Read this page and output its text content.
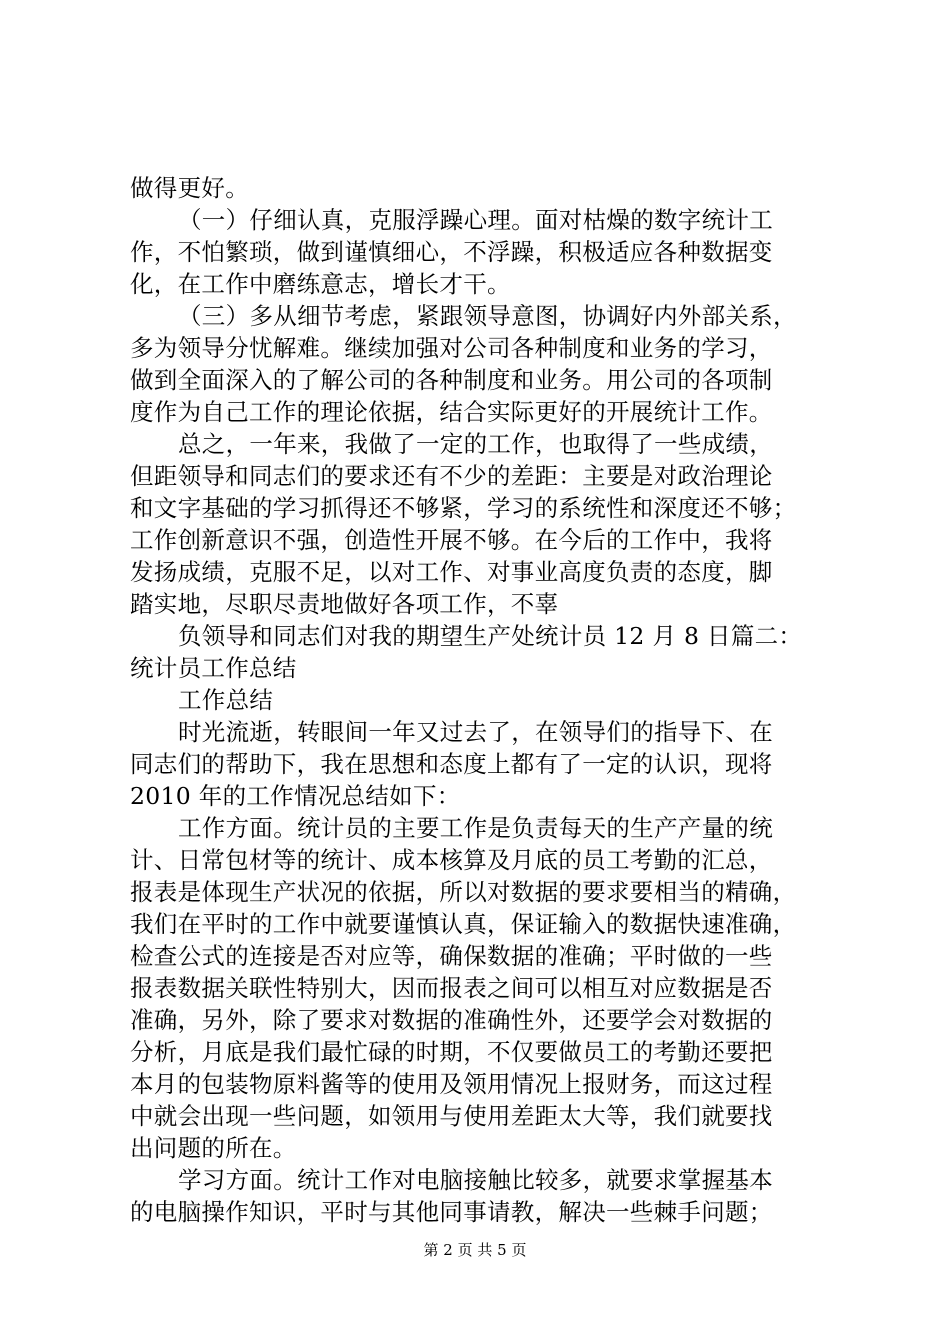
做得更好。
（一）仔细认真，克服浮躁心理。面对枯燥的数字统计工
作，不怕繁琐，做到谨慎细心，不浮躁，积极适应各种数据变
化，在工作中磨练意志，增长才干。
（三）多从细节考虑，紧跟领导意图，协调好内外部关系，
多为领导分忧解难。继续加强对公司各种制度和业务的学习，
做到全面深入的了解公司的各种制度和业务。用公司的各项制
度作为自己工作的理论依据，结合实际更好的开展统计工作。
总之，一年来，我做了一定的工作，也取得了一些成绩，
但距领导和同志们的要求还有不少的差距：主要是对政治理论
和文字基础的学习抓得还不够紧，学习的系统性和深度还不够；
工作创新意识不强，创造性开展不够。在今后的工作中，我将
发扬成绩，克服不足，以对工作、对事业高度负责的态度，脚
踏实地，尽职尽责地做好各项工作，不辜
负领导和同志们对我的期望生产处统计员 12 月 8 日篇二：
统计员工作总结
工作总结
时光流逝，转眼间一年又过去了，在领导们的指导下、在
同志们的帮助下，我在思想和态度上都有了一定的认识，现将
2010 年的工作情况总结如下：
工作方面。统计员的主要工作是负责每天的生产产量的统
计、日常包材等的统计、成本核算及月底的员工考勤的汇总，
报表是体现生产状况的依据，所以对数据的要求要相当的精确，
我们在平时的工作中就要谨慎认真，保证输入的数据快速准确，
检查公式的连接是否对应等，确保数据的准确；平时做的一些
报表数据关联性特别大，因而报表之间可以相互对应数据是否
准确，另外，除了要求对数据的准确性外，还要学会对数据的
分析，月底是我们最忙碌的时期，不仅要做员工的考勤还要把
本月的包装物原料酱等的使用及领用情况上报财务，而这过程
中就会出现一些问题，如领用与使用差距太大等，我们就要找
出问题的所在。
学习方面。统计工作对电脑接触比较多，就要求掌握基本
的电脑操作知识，平时与其他同事请教，解决一些棘手问题；
第 2 页 共 5 页
